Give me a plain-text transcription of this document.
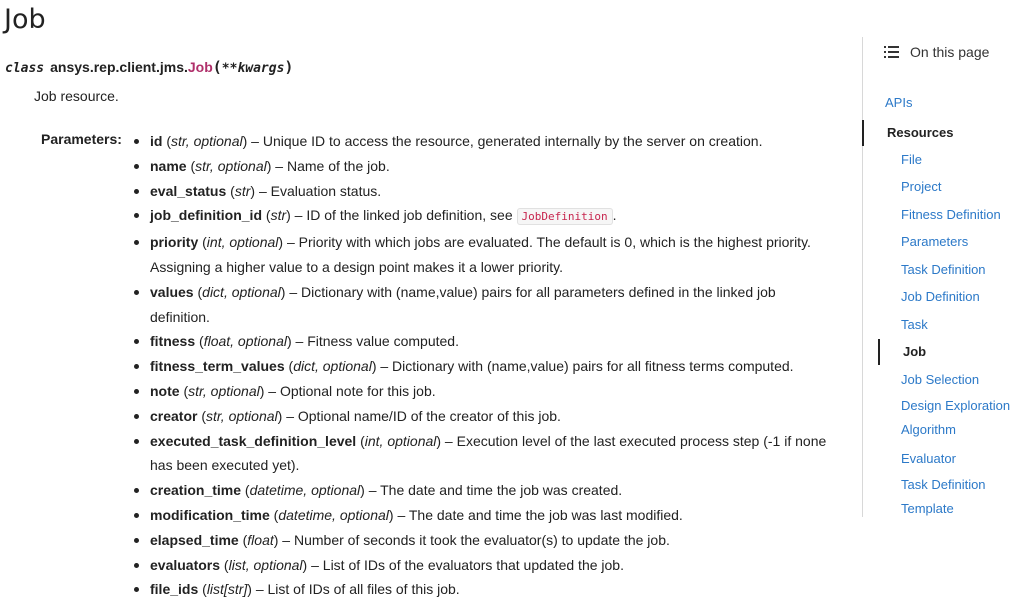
Job
class ansys.rep.client.jms.Job(**kwargs)
Job resource.
Parameters:	id (str, optional) – Unique ID to access the resource, generated internally by the server on creation.
name (str, optional) – Name of the job.
eval_status (str) – Evaluation status.
job_definition_id (str) – ID of the linked job definition, see JobDefinition .
priority (int, optional) – Priority with which jobs are evaluated. The default is 0, which is the highest priority. Assigning a higher value to a design point makes it a lower priority.
values (dict, optional) – Dictionary with (name,value) pairs for all parameters defined in the linked job definition.
fitness (float, optional) – Fitness value computed.
fitness_term_values (dict, optional) – Dictionary with (name,value) pairs for all fitness terms computed.
note (str, optional) – Optional note for this job.
creator (str, optional) – Optional name/ID of the creator of this job.
executed_task_definition_level (int, optional) – Execution level of the last executed process step (-1 if none has been executed yet).
creation_time (datetime, optional) – The date and time the job was created.
modification_time (datetime, optional) – The date and time the job was last modified.
elapsed_time (float) – Number of seconds it took the evaluator(s) to update the job.
evaluators (list, optional) – List of IDs of the evaluators that updated the job.
file_ids (list[str]) – List of IDs of all files of this job.
On this page
APIs
Resources
File
Project
Fitness Definition
Parameters
Task Definition
Job Definition
Task
Job
Job Selection
Design Exploration Algorithm
Evaluator
Task Definition Template
